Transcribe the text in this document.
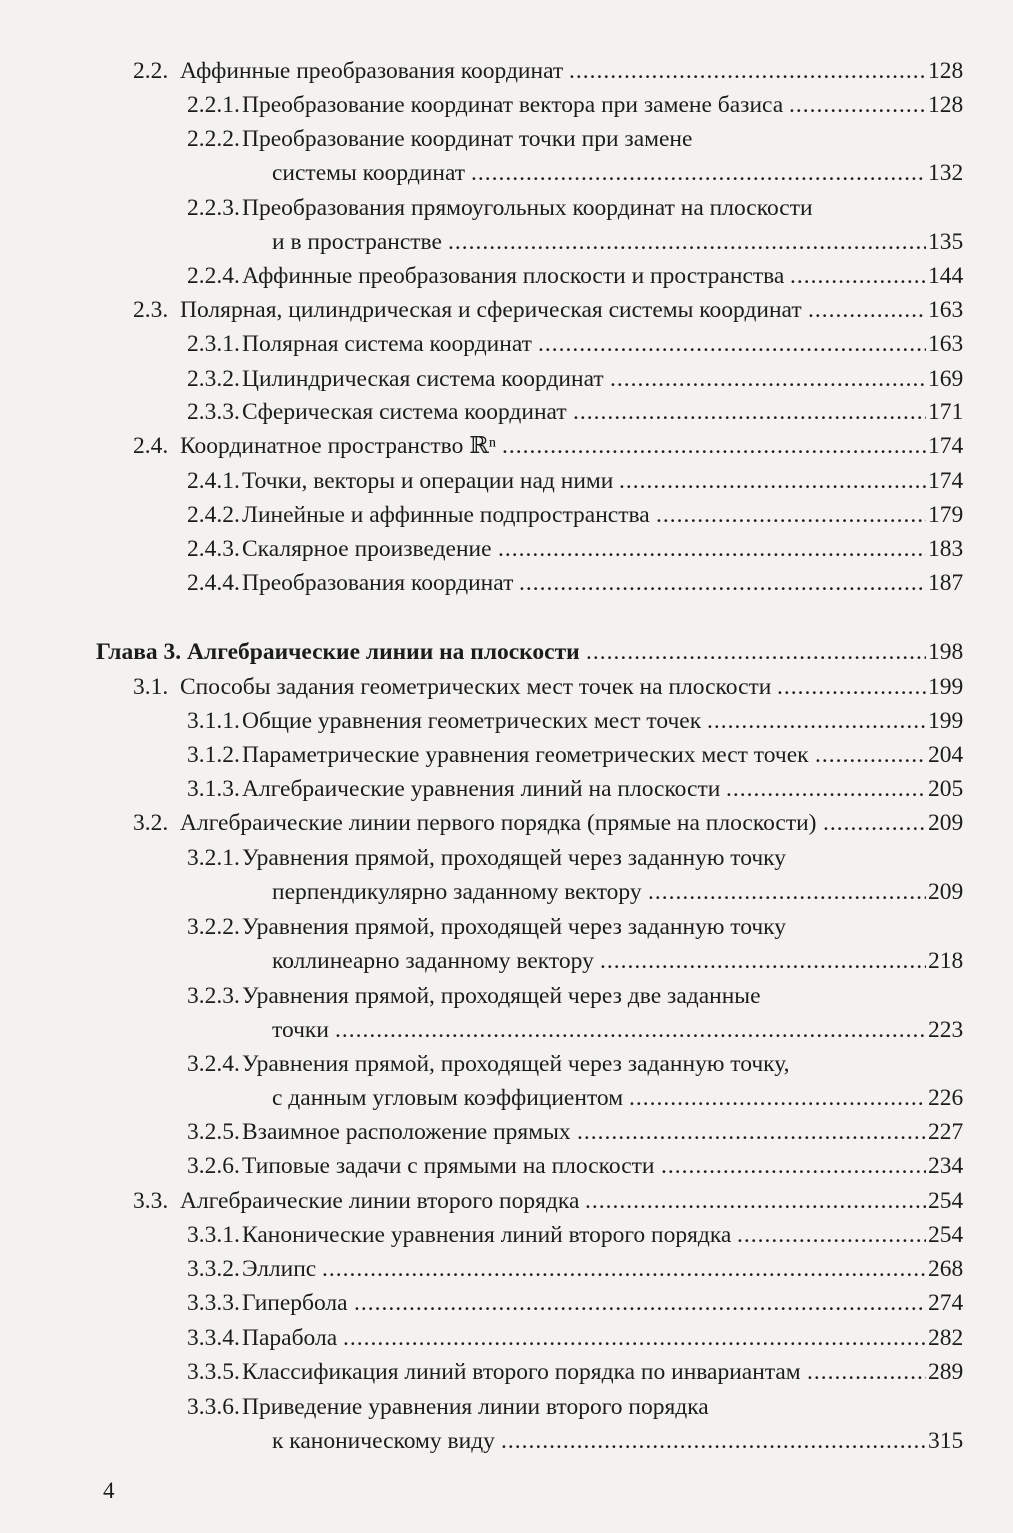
2.2. Аффинные преобразования координат .....	128
2.2.1. Преобразование координат вектора при замене базиса .....	128
2.2.2. Преобразование координат точки при замене
системы координат .....	132
2.2.3. Преобразования прямоугольных координат на плоскости
и в пространстве .....	135
2.2.4. Аффинные преобразования плоскости и пространства .....	144
2.3. Полярная, цилиндрическая и сферическая системы координат .....	163
2.3.1. Полярная система координат .....	163
2.3.2. Цилиндрическая система координат .....	169
2.3.3. Сферическая система координат .....	171
2.4. Координатное пространство ℝⁿ .....	174
2.4.1. Точки, векторы и операции над ними .....	174
2.4.2. Линейные и аффинные подпространства .....	179
2.4.3. Скалярное произведение .....	183
2.4.4. Преобразования координат .....	187
Глава 3. Алгебраические линии на плоскости .....	198
3.1. Способы задания геометрических мест точек на плоскости .....	199
3.1.1. Общие уравнения геометрических мест точек .....	199
3.1.2. Параметрические уравнения геометрических мест точек .....	204
3.1.3. Алгебраические уравнения линий на плоскости .....	205
3.2. Алгебраические линии первого порядка (прямые на плоскости) .....	209
3.2.1. Уравнения прямой, проходящей через заданную точку
перпендикулярно заданному вектору .....	209
3.2.2. Уравнения прямой, проходящей через заданную точку
коллинеарно заданному вектору .....	218
3.2.3. Уравнения прямой, проходящей через две заданные
точки .....	223
3.2.4. Уравнения прямой, проходящей через заданную точку,
с данным угловым коэффициентом .....	226
3.2.5. Взаимное расположение прямых .....	227
3.2.6. Типовые задачи с прямыми на плоскости .....	234
3.3. Алгебраические линии второго порядка .....	254
3.3.1. Канонические уравнения линий второго порядка .....	254
3.3.2. Эллипс .....	268
3.3.3. Гипербола .....	274
3.3.4. Парабола .....	282
3.3.5. Классификация линий второго порядка по инвариантам .....	289
3.3.6. Приведение уравнения линии второго порядка
к каноническому виду .....	315
4
